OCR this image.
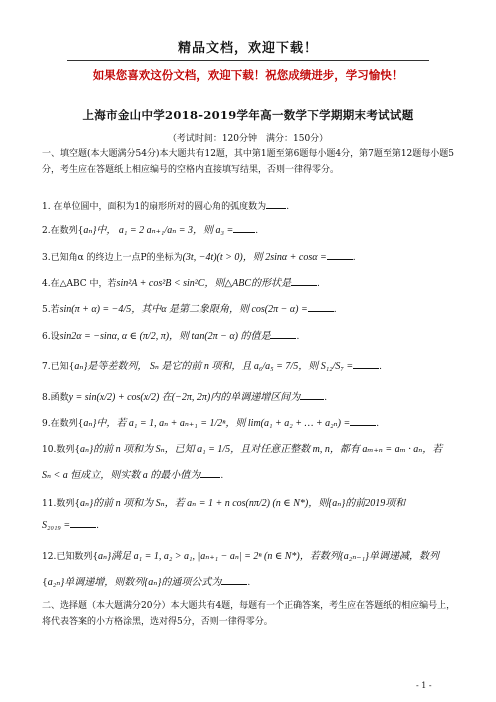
精品文档，欢迎下载！
如果您喜欢这份文档，欢迎下载！祝您成绩进步，学习愉快！
上海市金山中学2018-2019学年高一数学下学期期末考试试题
（考试时间：120分钟　满分：150分）
一、填空题(本大题满分54分)本大题共有12题，其中第1题至第6题每小题4分，第7题至第12题每小题5分，考生应在答题纸上相应编号的空格内直接填写结果，否则一律得零分。
1. 在单位圆中，面积为1的扇形所对的圆心角的弧度数为 .
2.在数列{aₙ}中， a₁ = 2 aₙ₊₁/aₙ = 3，则 a₃ = .
3.已知角α 的终边上一点P的坐标为(3t, −4t)(t > 0)，则 2sinα + cosα =	.
4.在△ABC 中，若sin²A + cos²B < sin²C，则△ABC的形状是	.
5.若sin(π + α) = −4/5，其中α 是第二象限角，则 cos(2π − α) =	.
6.设sin2α = −sinα, α ∈ (π/2, π)，则 tan(2π − α) 的值是	.
7.已知{aₙ}是等差数列， Sₙ 是它的前 n 项和，且 a₆/a₅ = 7/5，则 S₁₂/S₇ =	.
8.函数y = sin(x/2) + cos(x/2) 在(−2π, 2π)内的单调递增区间为	.
9.在数列{aₙ}中，若 a₁ = 1, aₙ + aₙ₊₁ = 1/2ⁿ，则 lim(a₁ + a₂ + … + a₂ₙ) =	.
10.数列{aₙ}的前 n 项和为 Sₙ，已知 a₁ = 1/5，且对任意正整数 m, n，都有 aₘ₊ₙ = aₘ · aₙ，若
Sₙ < a 恒成立，则实数 a 的最小值为 .
11.数列{aₙ}的前 n 项和为 Sₙ，若 aₙ = 1 + n cos(nπ/2) (n ∈ N*)，则{aₙ}的前2019项和
S₂₀₁₉ =	.
12.已知数列{aₙ}满足 a₁ = 1, a₂ > a₁, |aₙ₊₁ − aₙ| = 2ⁿ (n ∈ N*)，若数列{a₂ₙ₋₁}单调递减，数列
{a₂ₙ}单调递增，则数列{aₙ}的通项公式为	.
二、选择题（本大题满分20分）本大题共有4题，每题有一个正确答案，考生应在答题纸的相应编号上，将代表答案的小方格涂黑，选对得5分，否则一律得零分。
- 1 -
